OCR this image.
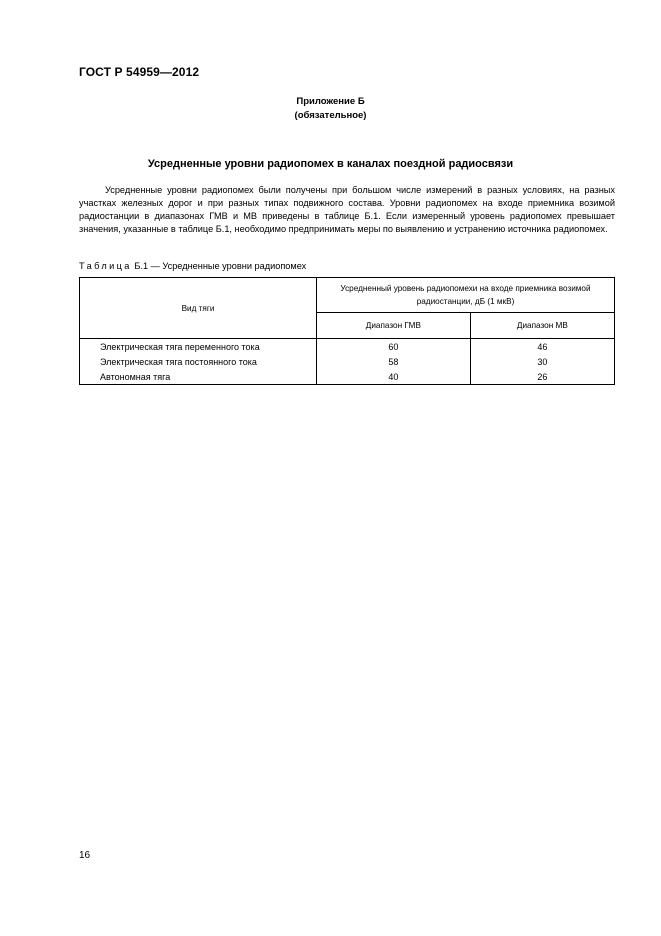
ГОСТ Р 54959—2012
Приложение Б
(обязательное)
Усредненные уровни радиопомех в каналах поездной радиосвязи

Усредненные уровни радиопомех были получены при большом числе измерений в разных условиях, на разных участках железных дорог и при разных типах подвижного состава. Уровни радиопомех на входе приемника возимой радиостанции в диапазонах ГМВ и МВ приведены в таблице Б.1. Если измеренный уровень радиопомех превышает значения, указанные в таблице Б.1, необходимо предпринимать меры по выявлению и устранению источника радиопомех.

Таблица Б.1 — Усредненные уровни радиопомех
Вид тяги	Усредненный уровень радиопомехи на входе приемника возимой радиостанции, дБ (1 мкВ)	
	Диапазон ГМВ	Диапазон МВ
Электрическая тяга переменного тока	60	46
Электрическая тяга постоянного тока	58	30
Автономная тяга	40	26
16
